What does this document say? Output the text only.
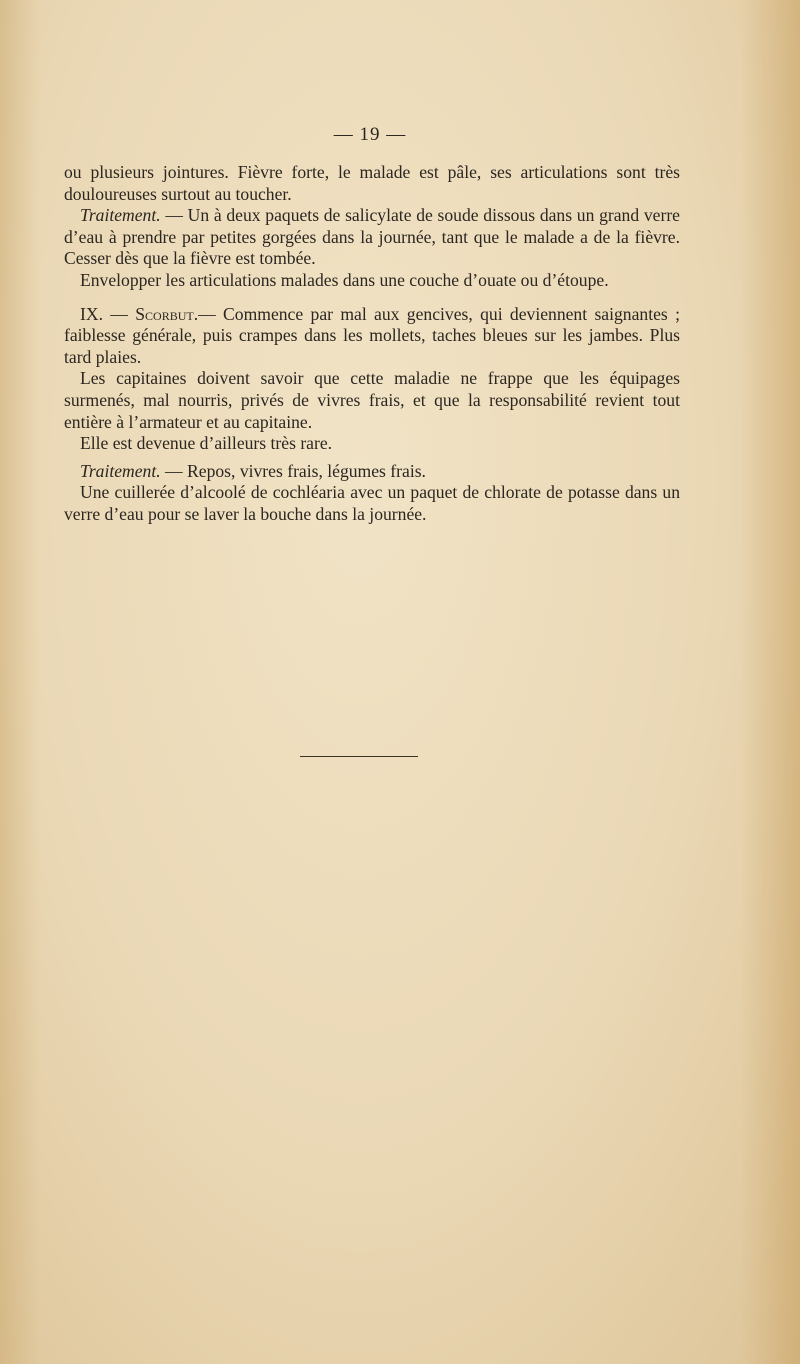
— 19 —

ou plusieurs jointures. Fièvre forte, le malade est pâle, ses articulations sont très douloureuses surtout au toucher.

Traitement. — Un à deux paquets de salicylate de soude dissous dans un grand verre d’eau à prendre par petites gorgées dans la journée, tant que le malade a de la fièvre. Cesser dès que la fièvre est tombée.

Envelopper les articulations malades dans une couche d’ouate ou d’étoupe.

IX. — Scorbut.— Commence par mal aux gencives, qui deviennent saignantes ; faiblesse générale, puis crampes dans les mollets, taches bleues sur les jambes. Plus tard plaies.

Les capitaines doivent savoir que cette maladie ne frappe que les équipages surmenés, mal nourris, privés de vivres frais, et que la responsabilité revient tout entière à l’armateur et au capitaine.

Elle est devenue d’ailleurs très rare.

Traitement. — Repos, vivres frais, légumes frais.

Une cuillerée d’alcoolé de cochléaria avec un paquet de chlorate de potasse dans un verre d’eau pour se laver la bouche dans la journée.
